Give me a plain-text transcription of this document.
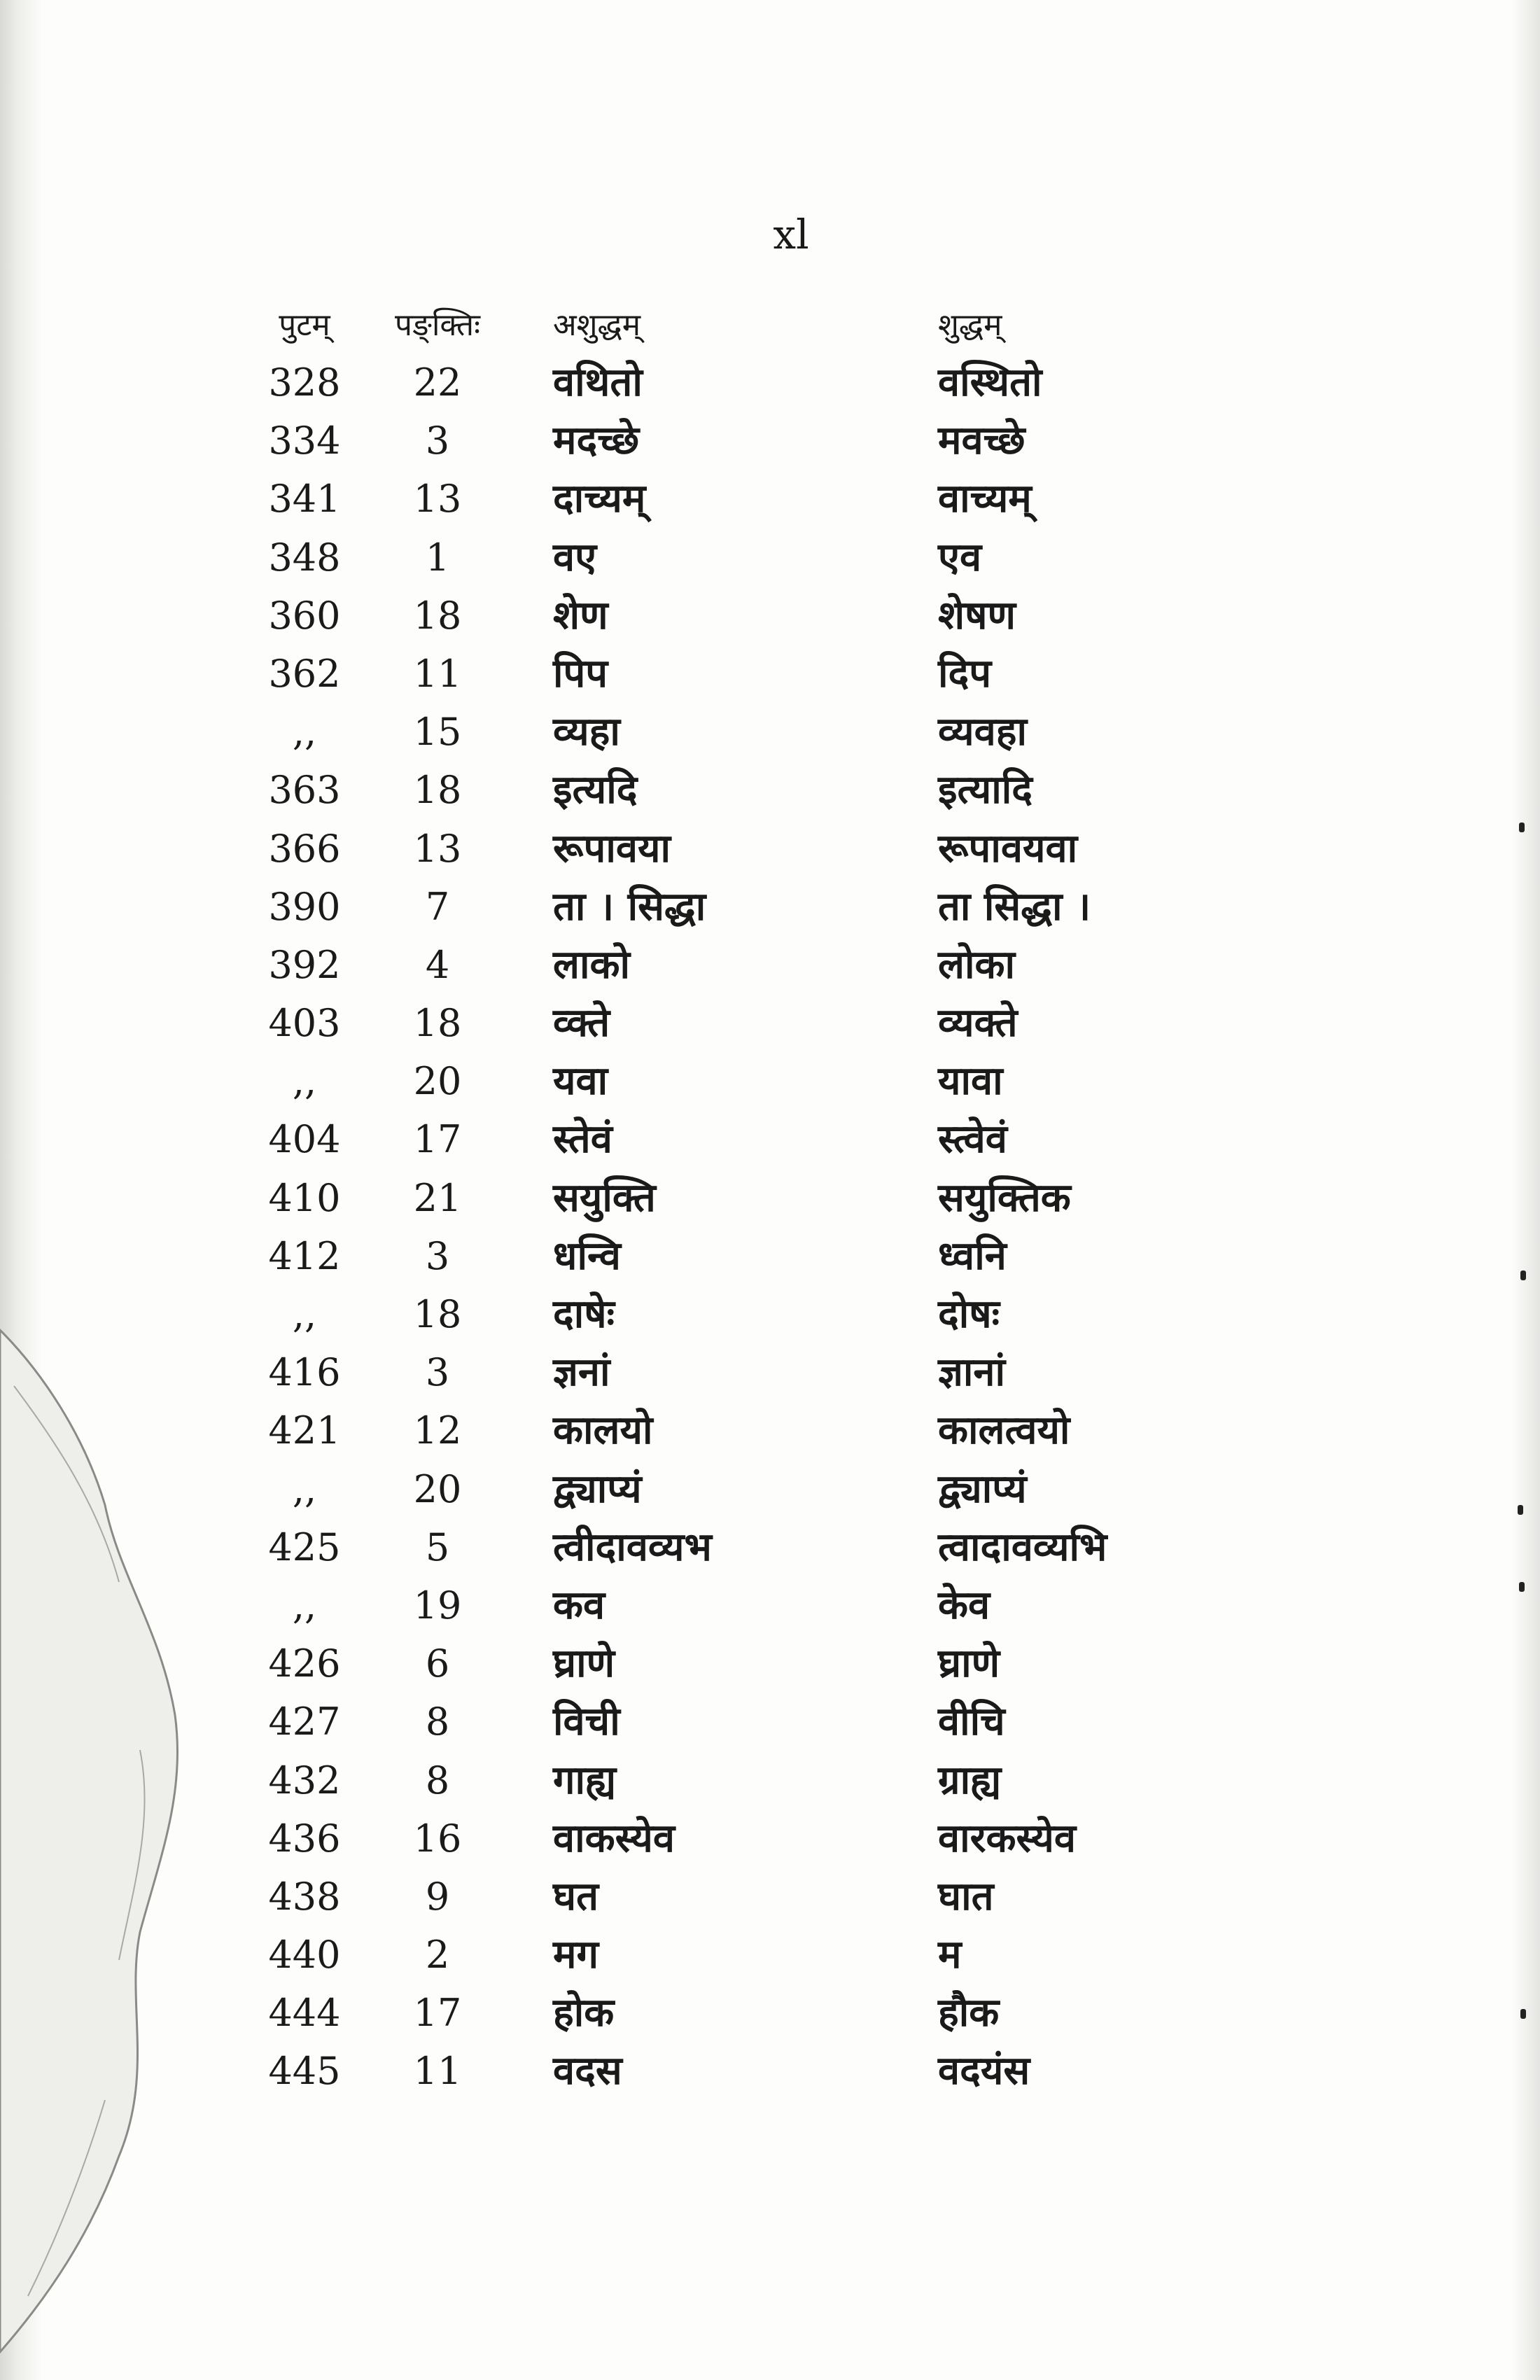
xl
पुटम्	पङ्क्तिः	अशुद्धम्	शुद्धम्
328	22	वथितो	वस्थितो
334	3	मदच्छे	मवच्छे
341	13	दाच्यम्	वाच्यम्
348	1	वए	एव
360	18	शेण	शेषण
362	11	पिप	दिप
,,	15	व्यहा	व्यवहा
363	18	इत्यदि	इत्यादि
366	13	रूपावया	रूपावयवा
390	7	ता । सिद्धा	ता सिद्धा ।
392	4	लाको	लोका
403	18	व्क्ते	व्यक्ते
,,	20	यवा	यावा
404	17	स्तेवं	स्त्वेवं
410	21	सयुक्ति	सयुक्तिक
412	3	धन्वि	ध्वनि
,,	18	दाषेः	दोषः
416	3	ज्ञनां	ज्ञानां
421	12	कालयो	कालत्वयो
,,	20	द्व्याप्यं	द्व्याप्यं
425	5	त्वीदावव्यभ	त्वादावव्यभि
,,	19	कव	केव
426	6	घ्राणे	घ्राणे
427	8	विची	वीचि
432	8	गाह्य	ग्राह्य
436	16	वाकस्येव	वारकस्येव
438	9	घत	घात
440	2	मग	म
444	17	होक	हौक
445	11	वदस	वदयंस
